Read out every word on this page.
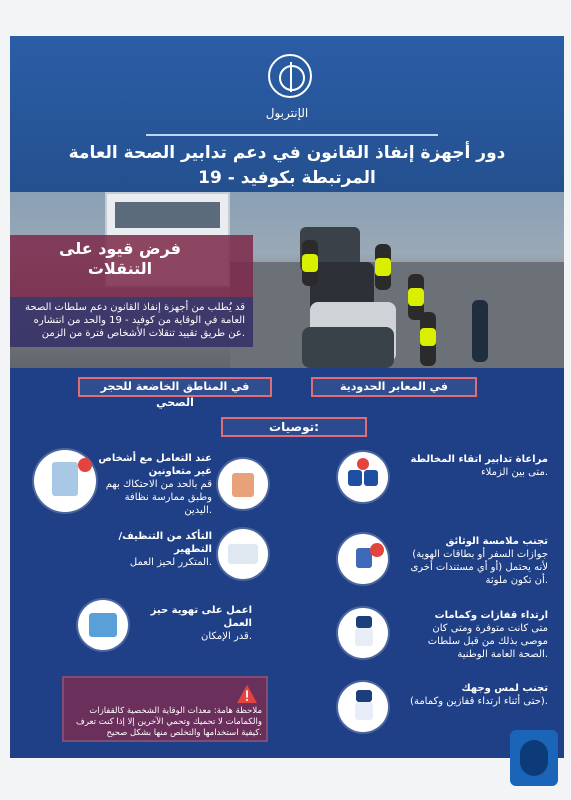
الإنتربول
دور أجهزة إنفاذ القانون في دعم تدابير الصحة العامة المرتبطة بكوفيد - 19
فرض قيود على التنقلات
قد يُطلب من أجهزة إنفاذ القانون دعم سلطات الصحة العامة في الوقاية من كوفيد - 19 والحد من انتشاره عن طريق تقييد تنقلات الأشخاص فترة من الزمن.
في المناطق الخاضعة للحجر الصحي
في المعابر الحدودية
توصيات:
مراعاة تدابير اتقاء المخالطة
متى بين الزملاء.
تجنب ملامسة الوثائق
(جوازات السفر أو بطاقات الهوية أو أي مستندات أخرى) لأنه يحتمل أن تكون ملوثة.
ارتداء قفازات وكمامات
متى كانت متوفرة ومتى كان موصى بذلك من قبل سلطات الصحة العامة الوطنية.
تجنب لمس وجهك
(حتى أثناء ارتداء قفازين وكمامة).
عند التعامل مع أشخاص غير متعاونين
قم بالحد من الاحتكاك بهم وطبق ممارسة نظافة اليدين.
التأكد من التنظيف/التطهير
المتكرر لحيز العمل.
اعمل على تهوية حيز العمل
قدر الإمكان.
ملاحظة هامة: معدات الوقاية الشخصية كالقفازات والكمامات لا تحميك وتحمي الآخرين إلا إذا كنت تعرف كيفية استخدامها والتخلص منها بشكل صحيح.
